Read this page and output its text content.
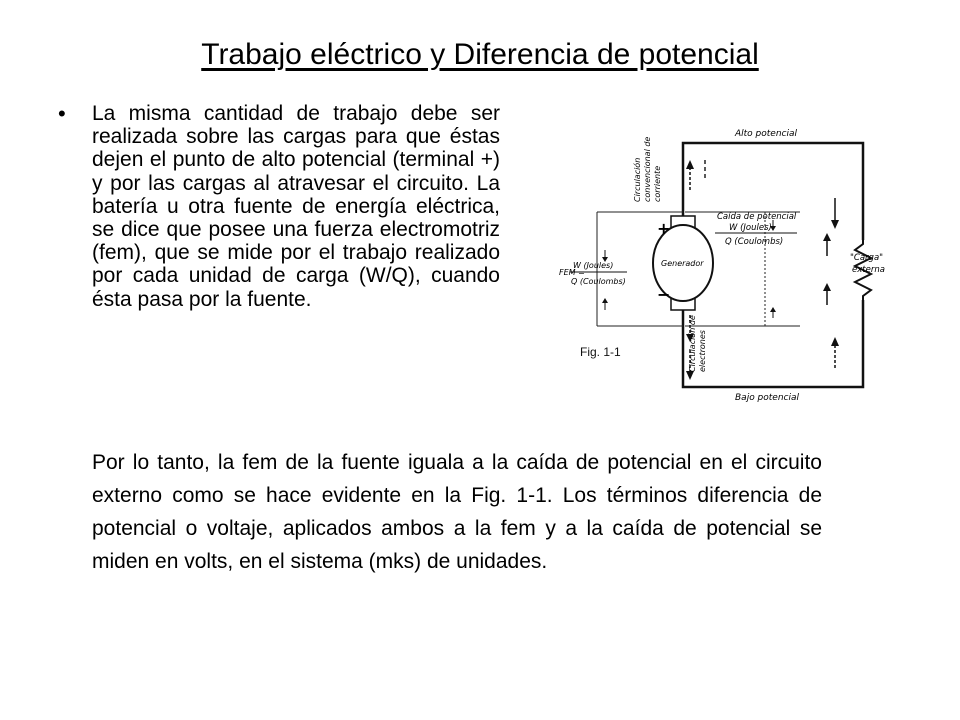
Trabajo eléctrico y Diferencia de potencial
• La misma cantidad de trabajo debe ser realizada sobre las cargas para que éstas dejen el punto de alto potencial (terminal +) y por las cargas al atravesar el circuito. La batería u otra fuente de energía eléctrica, se dice que posee una fuerza electromotriz (fem), que se mide por el trabajo realizado por cada unidad de carga (W/Q), cuando ésta pasa por la fuente.
Alto potencial
Bajo potencial
Circulación convencional de corriente
Circulación de electrones
Caída de potencial
W (Joules)
Q (Coulombs)
Generador
FEM =
W (Joules)
Q (Coulombs)
"Carga"
externa
+
−
Fig. 1-1
Por lo tanto, la fem de la fuente iguala a la caída de potencial en el circuito externo como se hace evidente en la Fig. 1-1. Los términos diferencia de potencial o voltaje, aplicados ambos a la fem y a la caída de potencial se miden en volts, en el sistema (mks) de unidades.
